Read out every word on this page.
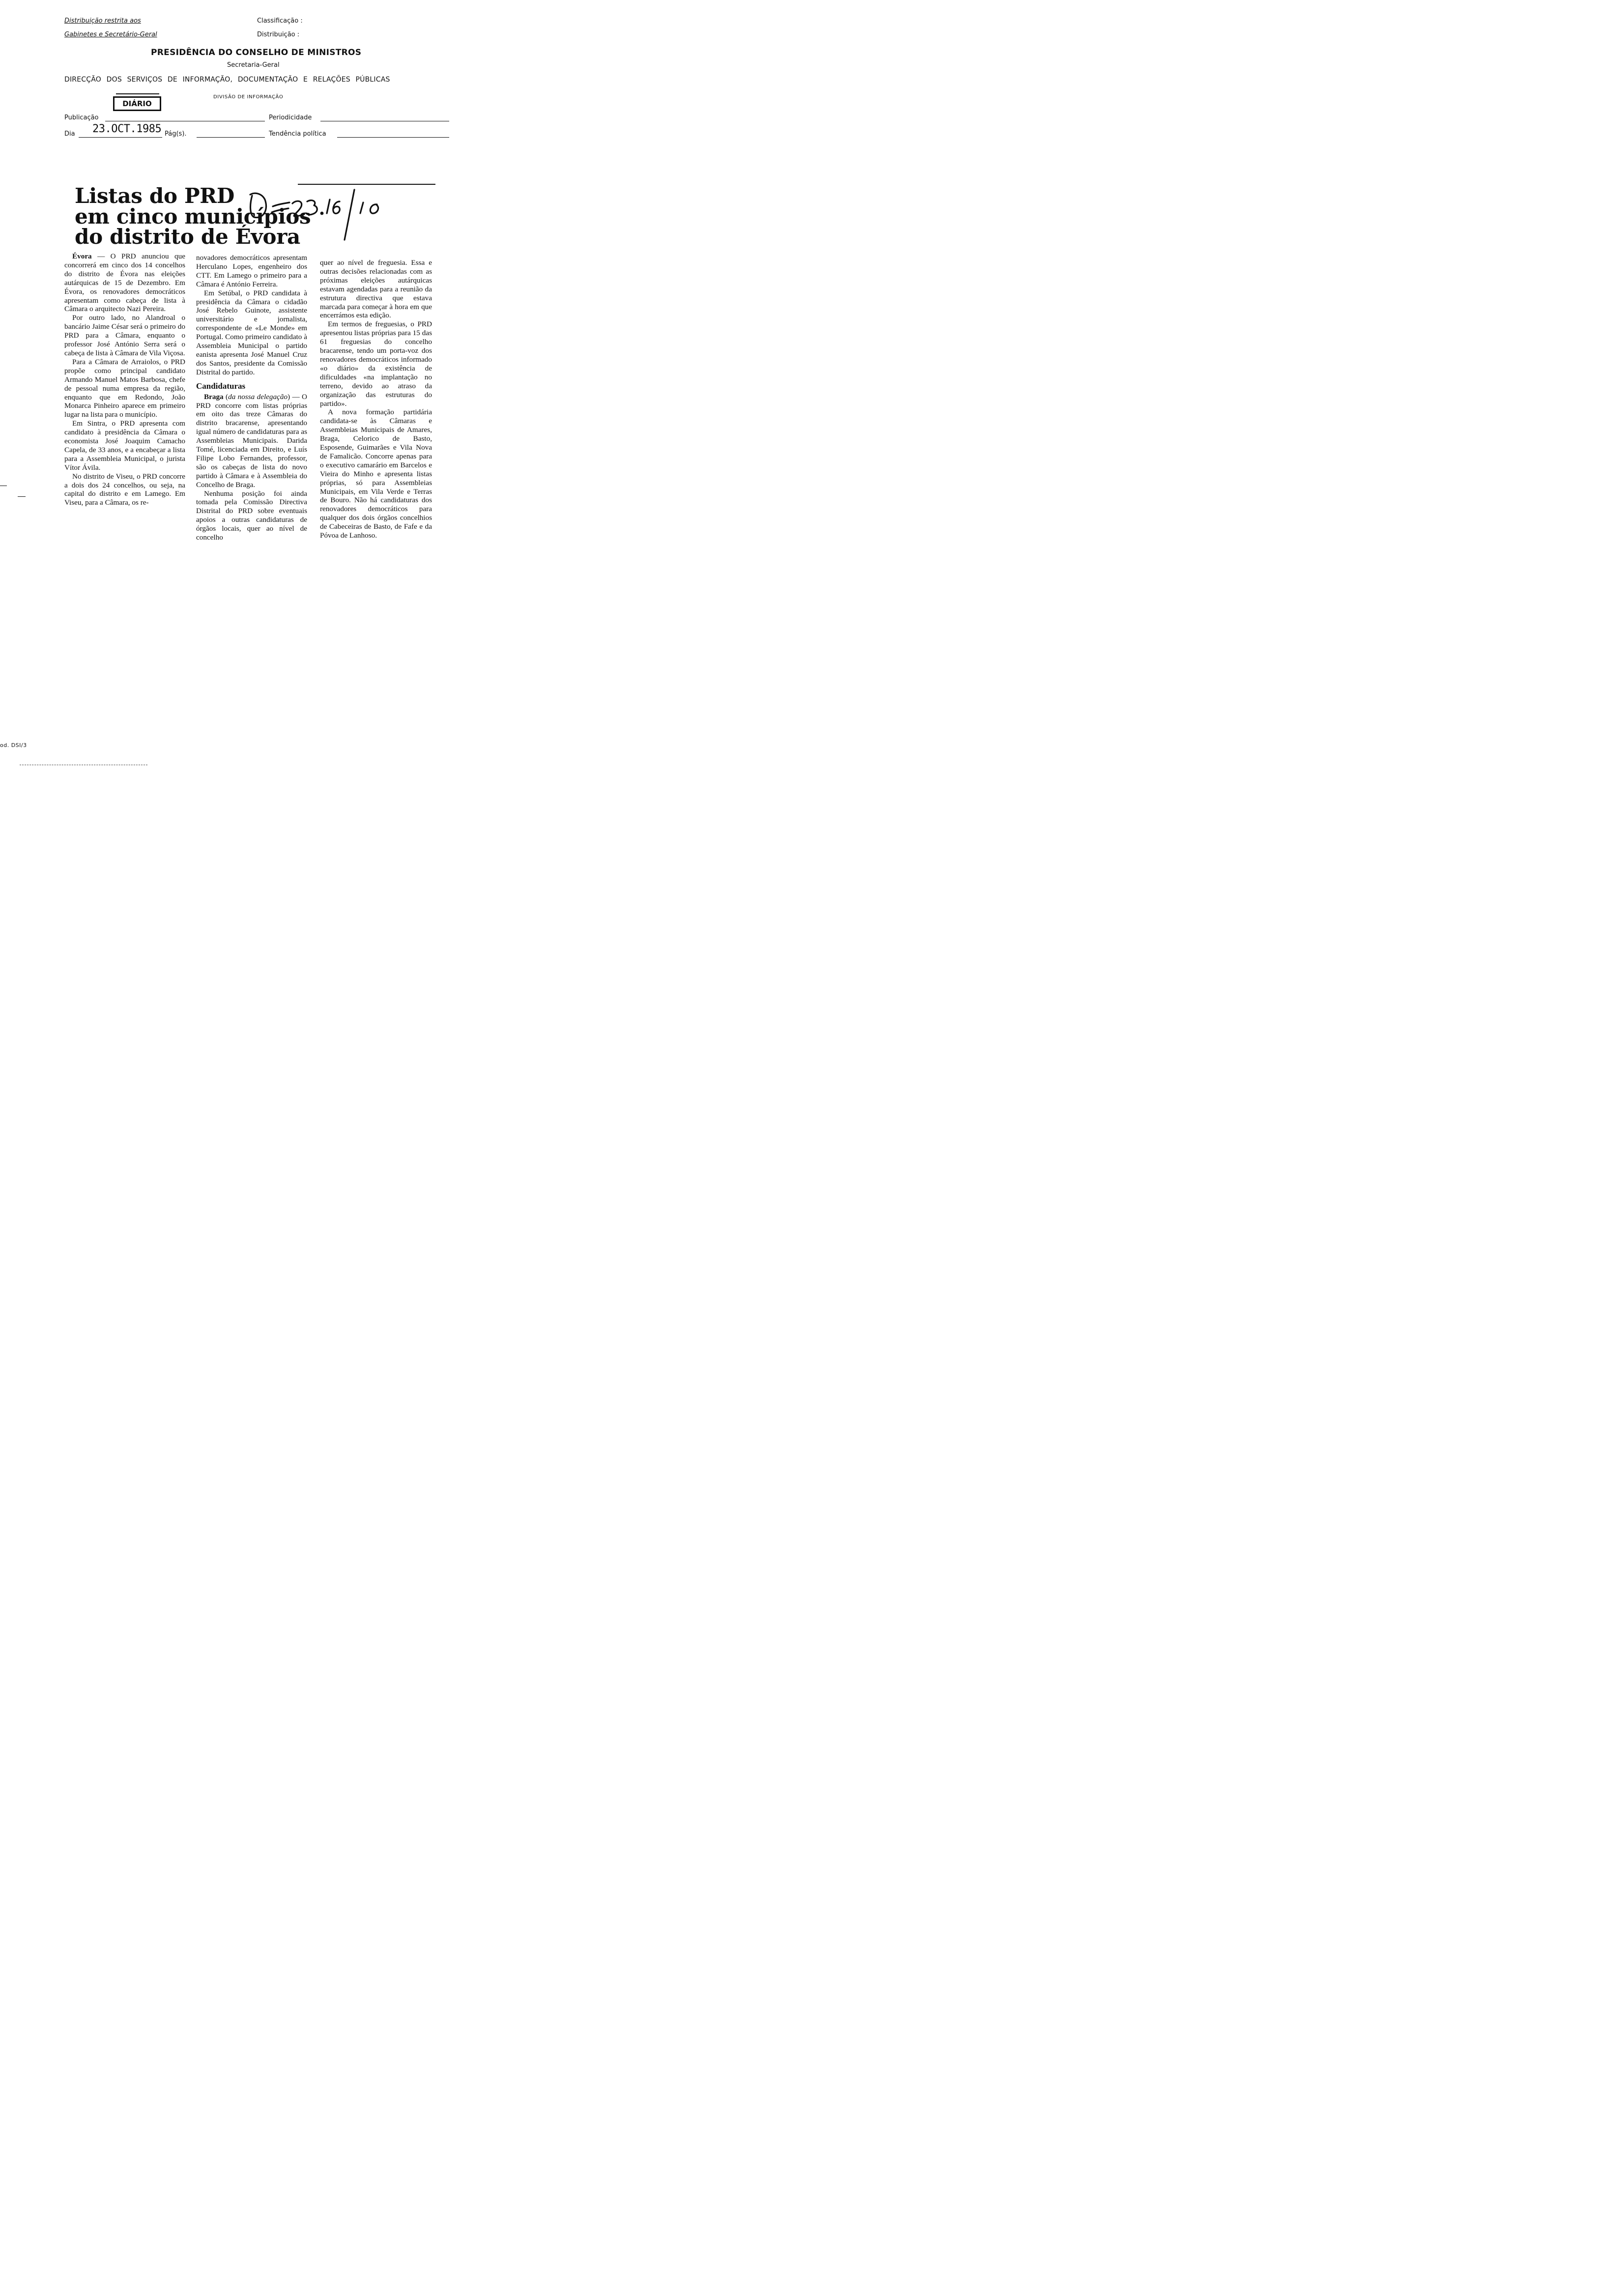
Distribuição restrita aos
Gabinetes e Secretário-Geral
Classificação :
Distribuição :
PRESIDÊNCIA DO CONSELHO DE MINISTROS
Secretaria-Geral
DIRECÇÃO DOS SERVIÇOS DE INFORMAÇÃO, DOCUMENTAÇÃO E RELAÇÕES PÚBLICAS
DIVISÃO DE INFORMAÇÃO
DIÁRIO
Publicação	Periodicidade
Dia 23.OCT.1985 Pág(s).	Tendência política
Listas do PRD
em cinco municípios
do distrito de Évora

Évora — O PRD anunciou que concorrerá em cinco dos 14 concelhos do distrito de Évora nas eleições autárquicas de 15 de Dezembro. Em Évora, os renovadores democráticos apresentam como cabeça de lista à Câmara o arquitecto Nazi Pereira.

Por outro lado, no Alandroal o bancário Jaime César será o primeiro do PRD para a Câmara, enquanto o professor José António Serra será o cabeça de lista à Câmara de Vila Viçosa.

Para a Câmara de Arraiolos, o PRD propõe como principal candidato Armando Manuel Matos Barbosa, chefe de pessoal numa empresa da região, enquanto que em Redondo, João Monarca Pinheiro aparece em primeiro lugar na lista para o município.

Em Sintra, o PRD apresenta com candidato à presidência da Câmara o economista José Joaquim Camacho Capela, de 33 anos, e a encabeçar a lista para a Assembleia Municipal, o jurista Vítor Ávila.

No distrito de Viseu, o PRD concorre a dois dos 24 concelhos, ou seja, na capital do distrito e em Lamego. Em Viseu, para a Câmara, os re-

novadores democráticos apresentam Herculano Lopes, engenheiro dos CTT. Em Lamego o primeiro para a Câmara é António Ferreira.

Em Setúbal, o PRD candidata à presidência da Câmara o cidadão José Rebelo Guinote, assistente universitário e jornalista, correspondente de «Le Monde» em Portugal. Como primeiro candidato à Assembleia Municipal o partido eanista apresenta José Manuel Cruz dos Santos, presidente da Comissão Distrital do partido.

Candidaturas

Braga (da nossa delegação) — O PRD concorre com listas próprias em oito das treze Câmaras do distrito bracarense, apresentando igual número de candidaturas para as Assembleias Municipais. Darida Tomé, licenciada em Direito, e Luís Filipe Lobo Fernandes, professor, são os cabeças de lista do novo partido à Câmara e à Assembleia do Concelho de Braga.

Nenhuma posição foi ainda tomada pela Comissão Directiva Distrital do PRD sobre eventuais apoios a outras candidaturas de órgãos locais, quer ao nível de concelho

quer ao nível de freguesia. Essa e outras decisões relacionadas com as próximas eleições autárquicas estavam agendadas para a reunião da estrutura directiva que estava marcada para começar à hora em que encerrámos esta edição.

Em termos de freguesias, o PRD apresentou listas próprias para 15 das 61 freguesias do concelho bracarense, tendo um porta-voz dos renovadores democráticos informado «o diário» da existência de dificuldades «na implantação no terreno, devido ao atraso da organização das estruturas do partido».

A nova formação partidária candidata-se às Câmaras e Assembleias Municipais de Amares, Braga, Celorico de Basto, Esposende, Guimarães e Vila Nova de Famalicão. Concorre apenas para o executivo camarário em Barcelos e Vieira do Minho e apresenta listas próprias, só para Assembleias Municipais, em Vila Verde e Terras de Bouro. Não há candidaturas dos renovadores democráticos para qualquer dos dois órgãos concelhios de Cabeceiras de Basto, de Fafe e da Póvoa de Lanhoso.

od. DSI/3
